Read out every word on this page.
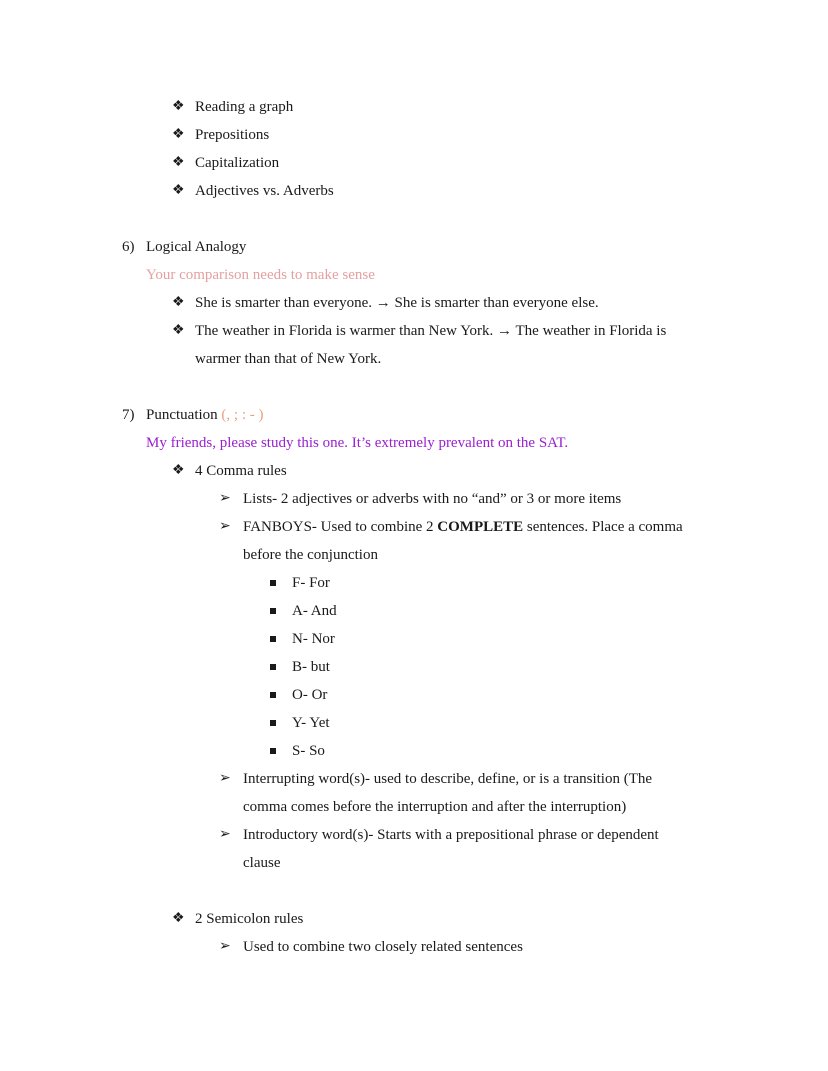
❖ Reading a graph
❖ Prepositions
❖ Capitalization
❖ Adjectives vs. Adverbs
6) Logical Analogy
Your comparison needs to make sense
❖ She is smarter than everyone. → She is smarter than everyone else.
❖ The weather in Florida is warmer than New York. → The weather in Florida is
warmer than that of New York.
7) Punctuation (, ; : - )
My friends, please study this one. It’s extremely prevalent on the SAT.
❖ 4 Comma rules
➢ Lists- 2 adjectives or adverbs with no “and” or 3 or more items
➢ FANBOYS- Used to combine 2 COMPLETE sentences. Place a comma
before the conjunction
F- For
A- And
N- Nor
B- but
O- Or
Y- Yet
S- So
➢ Interrupting word(s)- used to describe, define, or is a transition (The
comma comes before the interruption and after the interruption)
➢ Introductory word(s)- Starts with a prepositional phrase or dependent
clause
❖ 2 Semicolon rules
➢ Used to combine two closely related sentences
